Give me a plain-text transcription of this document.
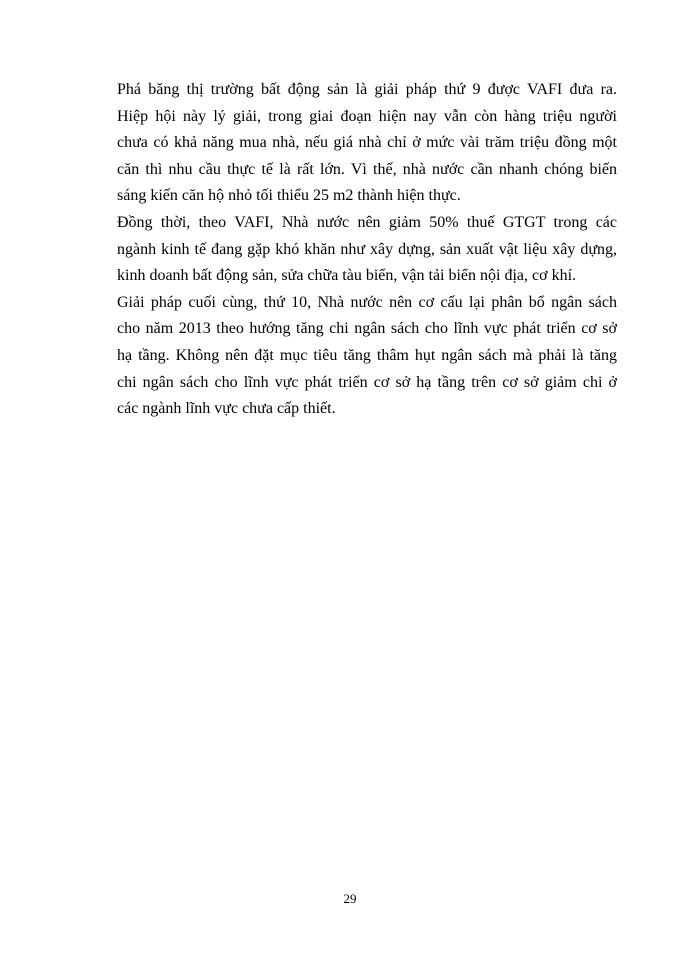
Phá băng thị trường bất động sản là giải pháp thứ 9 được VAFI đưa ra.
Hiệp hội này lý giải, trong giai đoạn hiện nay vẫn còn hàng triệu người
chưa có khả năng mua nhà, nếu giá nhà chỉ ở mức vài trăm triệu đồng một
căn thì nhu cầu thực tế là rất lớn. Vì thế, nhà nước cần nhanh chóng biến
sáng kiến căn hộ nhỏ tối thiểu 25 m2 thành hiện thực.
Đồng thời, theo VAFI, Nhà nước nên giảm 50% thuế GTGT trong các
ngành kinh tế đang gặp khó khăn như xây dựng, sản xuất vật liệu xây dựng,
kinh doanh bất động sản, sửa chữa tàu biển, vận tải biển nội địa, cơ khí.
Giải pháp cuối cùng, thứ 10, Nhà nước nên cơ cấu lại phân bổ ngân sách
cho năm 2013 theo hướng tăng chi ngân sách cho lĩnh vực phát triển cơ sở
hạ tầng. Không nên đặt mục tiêu tăng thâm hụt ngân sách mà phải là tăng
chi ngân sách cho lĩnh vực phát triển cơ sở hạ tầng trên cơ sở giảm chi ở
các ngành lĩnh vực chưa cấp thiết.
29
